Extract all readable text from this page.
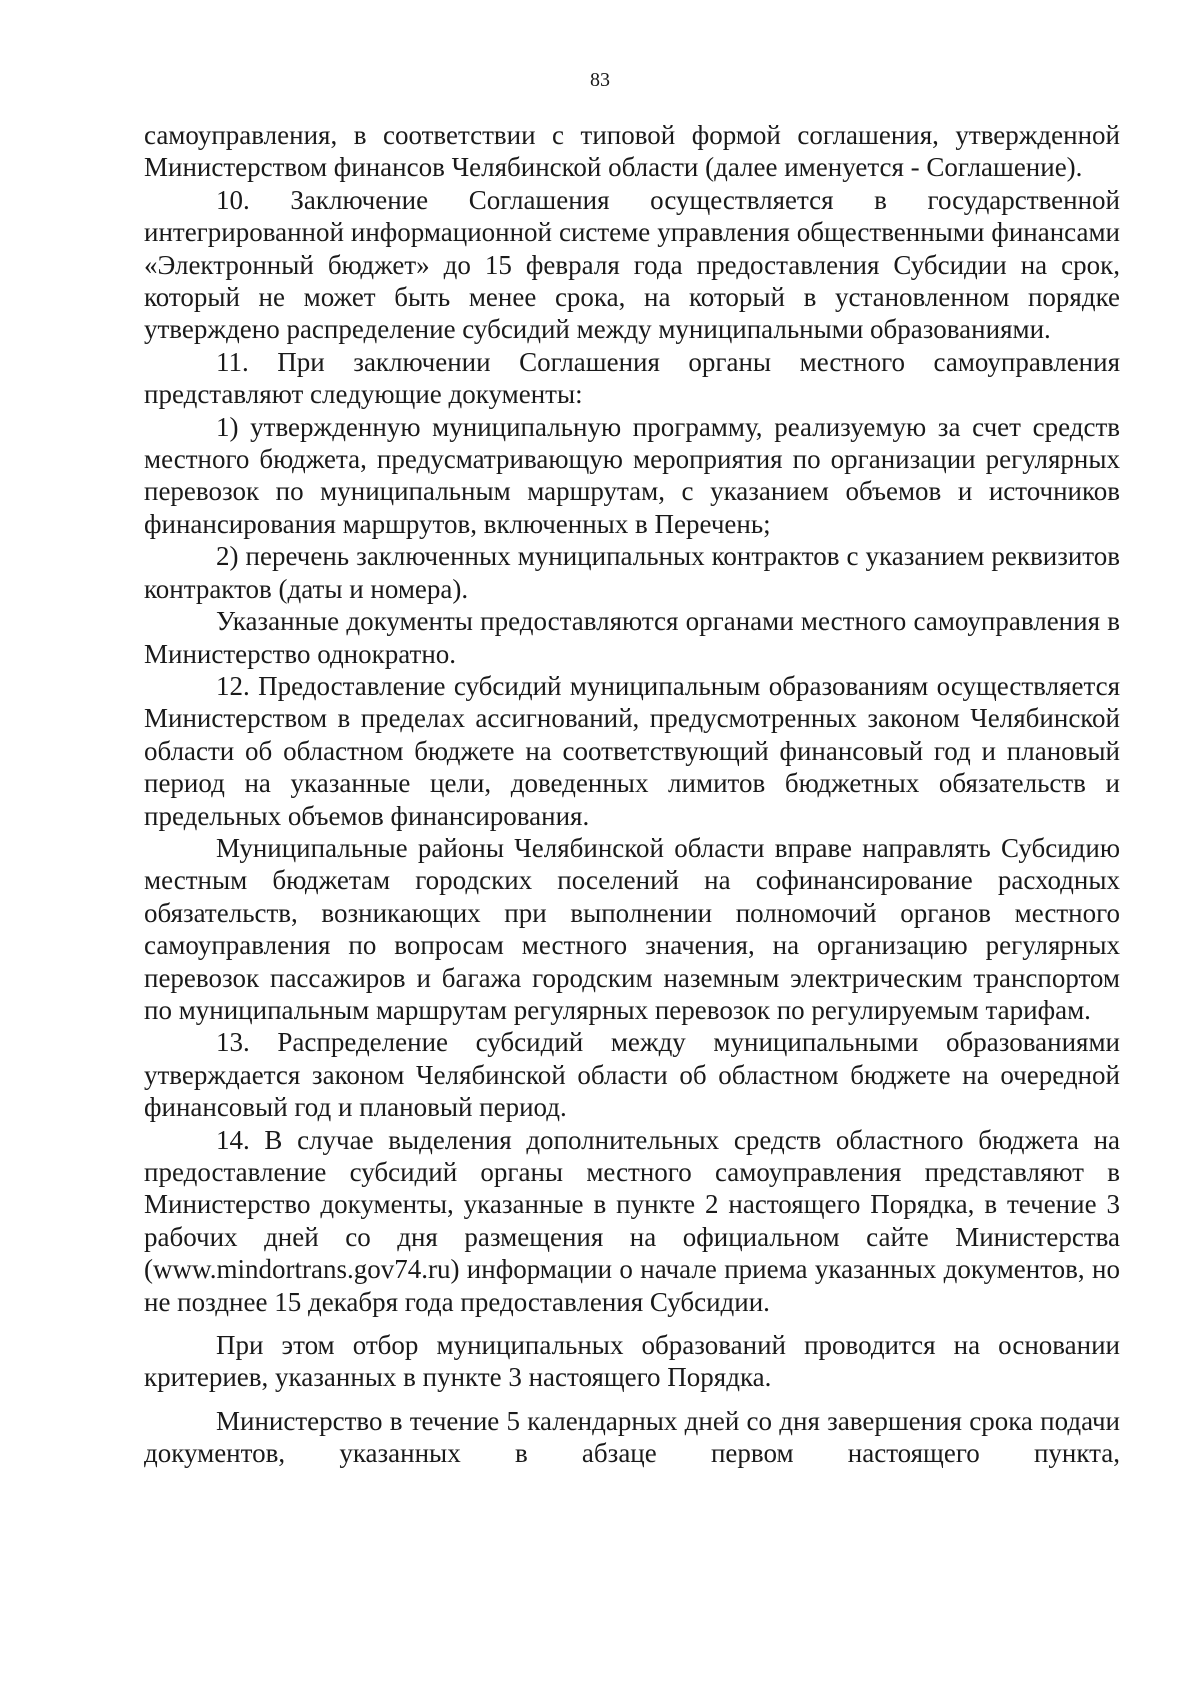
83

самоуправления, в соответствии с типовой формой соглашения, утвержденной Министерством финансов Челябинской области (далее именуется - Соглашение).

10. Заключение Соглашения осуществляется в государственной интегрированной информационной системе управления общественными финансами «Электронный бюджет» до 15 февраля года предоставления Субсидии на срок, который не может быть менее срока, на который в установленном порядке утверждено распределение субсидий между муниципальными образованиями.

11. При заключении Соглашения органы местного самоуправления представляют следующие документы:

1) утвержденную муниципальную программу, реализуемую за счет средств местного бюджета, предусматривающую мероприятия по организации регулярных перевозок по муниципальным маршрутам, с указанием объемов и источников финансирования маршрутов, включенных в Перечень;

2) перечень заключенных муниципальных контрактов с указанием реквизитов контрактов (даты и номера).

Указанные документы предоставляются органами местного самоуправления в Министерство однократно.

12. Предоставление субсидий муниципальным образованиям осуществляется Министерством в пределах ассигнований, предусмотренных законом Челябинской области об областном бюджете на соответствующий финансовый год и плановый период на указанные цели, доведенных лимитов бюджетных обязательств и предельных объемов финансирования.

Муниципальные районы Челябинской области вправе направлять Субсидию местным бюджетам городских поселений на софинансирование расходных обязательств, возникающих при выполнении полномочий органов местного самоуправления по вопросам местного значения, на организацию регулярных перевозок пассажиров и багажа городским наземным электрическим транспортом по муниципальным маршрутам регулярных перевозок по регулируемым тарифам.

13. Распределение субсидий между муниципальными образованиями утверждается законом Челябинской области об областном бюджете на очередной финансовый год и плановый период.

14. В случае выделения дополнительных средств областного бюджета на предоставление субсидий органы местного самоуправления представляют в Министерство документы, указанные в пункте 2 настоящего Порядка, в течение 3 рабочих дней со дня размещения на официальном сайте Министерства (www.mindortrans.gov74.ru) информации о начале приема указанных документов, но не позднее 15 декабря года предоставления Субсидии.

При этом отбор муниципальных образований проводится на основании критериев, указанных в пункте 3 настоящего Порядка.

Министерство в течение 5 календарных дней со дня завершения срока подачи документов, указанных в абзаце первом настоящего пункта,
